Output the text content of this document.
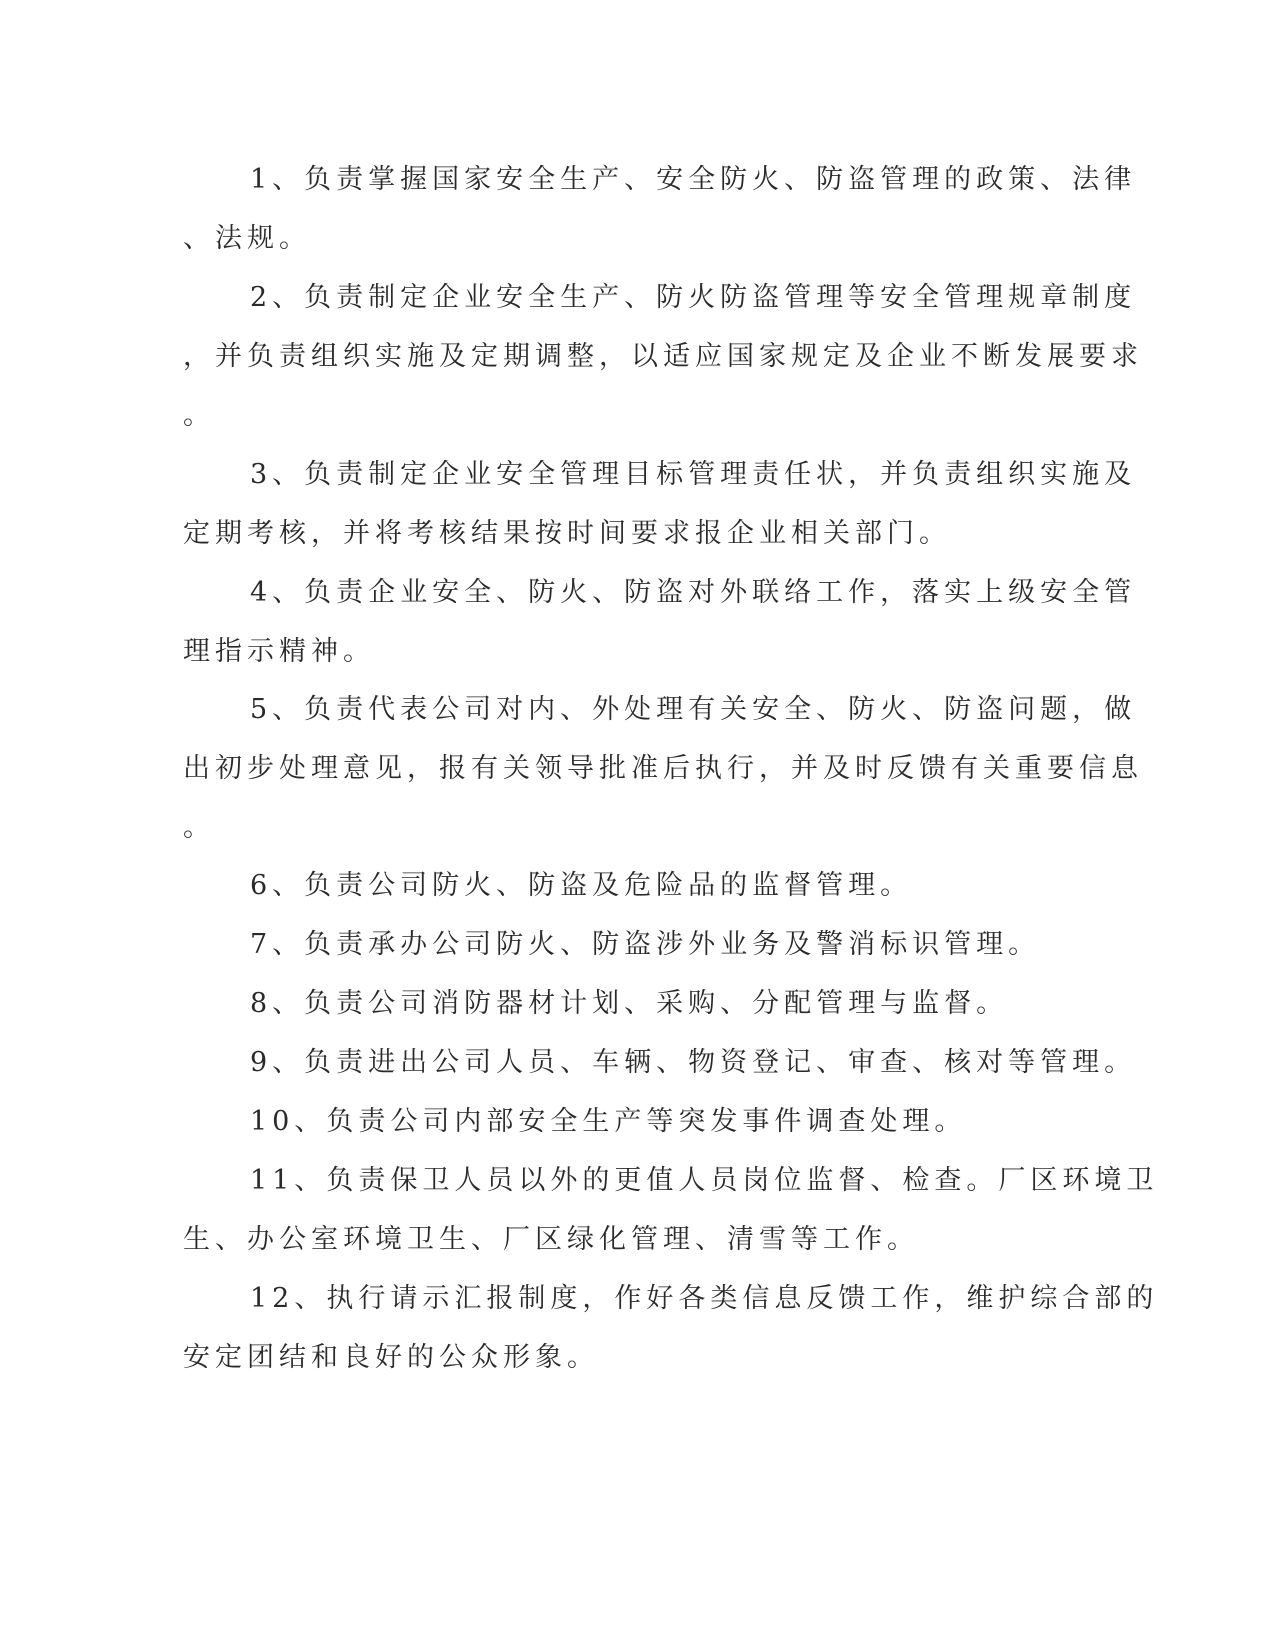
1、负责掌握国家安全生产、安全防火、防盗管理的政策、法律
、法规。
2、负责制定企业安全生产、防火防盗管理等安全管理规章制度
，并负责组织实施及定期调整，以适应国家规定及企业不断发展要求
。
3、负责制定企业安全管理目标管理责任状，并负责组织实施及
定期考核，并将考核结果按时间要求报企业相关部门。
4、负责企业安全、防火、防盗对外联络工作，落实上级安全管
理指示精神。
5、负责代表公司对内、外处理有关安全、防火、防盗问题，做
出初步处理意见，报有关领导批准后执行，并及时反馈有关重要信息
。
6、负责公司防火、防盗及危险品的监督管理。
7、负责承办公司防火、防盗涉外业务及警消标识管理。
8、负责公司消防器材计划、采购、分配管理与监督。
9、负责进出公司人员、车辆、物资登记、审查、核对等管理。
10、负责公司内部安全生产等突发事件调查处理。
11、负责保卫人员以外的更值人员岗位监督、检查。厂区环境卫
生、办公室环境卫生、厂区绿化管理、清雪等工作。
12、执行请示汇报制度，作好各类信息反馈工作，维护综合部的
安定团结和良好的公众形象。
